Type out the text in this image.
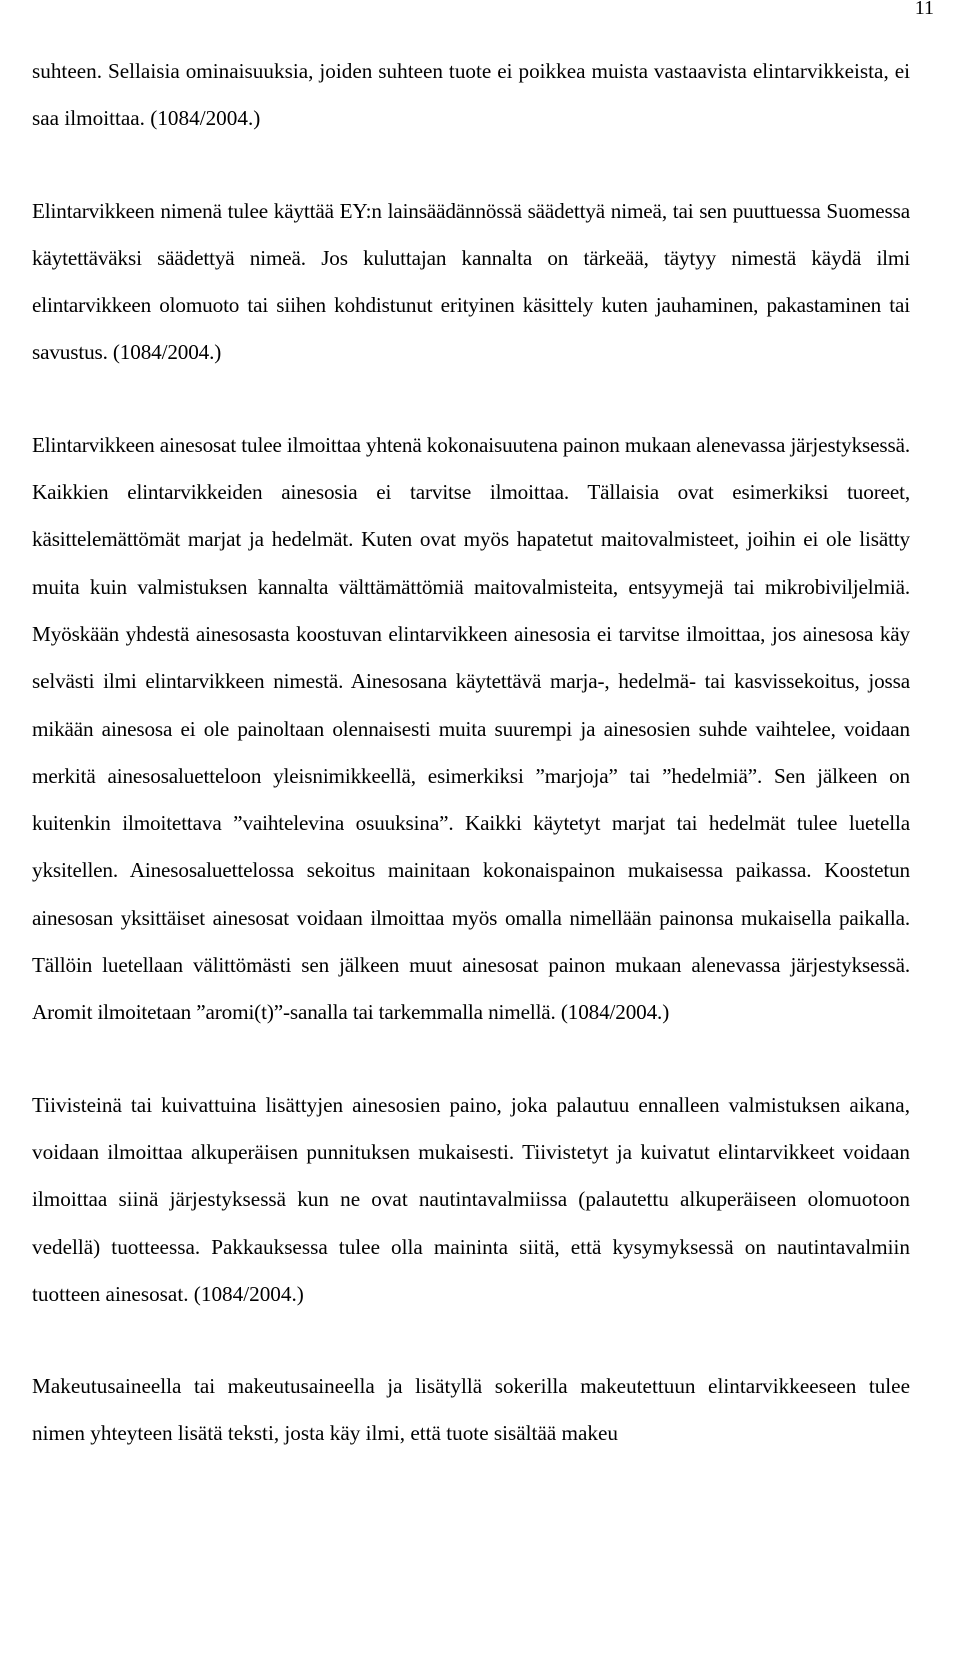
11

suhteen. Sellaisia ominaisuuksia, joiden suhteen tuote ei poikkea muista vastaavista elintarvikkeista, ei saa ilmoittaa. (1084/2004.)

Elintarvikkeen nimenä tulee käyttää EY:n lainsäädännössä säädettyä nimeä, tai sen puuttuessa Suomessa käytettäväksi säädettyä nimeä. Jos kuluttajan kannalta on tärkeää, täytyy nimestä käydä ilmi elintarvikkeen olomuoto tai siihen kohdistunut erityinen käsittely kuten jauhaminen, pakastaminen tai savustus. (1084/2004.)

Elintarvikkeen ainesosat tulee ilmoittaa yhtenä kokonaisuutena painon mukaan alenevassa järjestyksessä. Kaikkien elintarvikkeiden ainesosia ei tarvitse ilmoittaa. Tällaisia ovat esimerkiksi tuoreet, käsittelemättömät marjat ja hedelmät. Kuten ovat myös hapatetut maitovalmisteet, joihin ei ole lisätty muita kuin valmistuksen kannalta välttämättömiä maitovalmisteita, entsyymejä tai mikrobiviljelmiä. Myöskään yhdestä ainesosasta koostuvan elintarvikkeen ainesosia ei tarvitse ilmoittaa, jos ainesosa käy selvästi ilmi elintarvikkeen nimestä. Ainesosana käytettävä marja-, hedelmä- tai kasvissekoitus, jossa mikään ainesosa ei ole painoltaan olennaisesti muita suurempi ja ainesosien suhde vaihtelee, voidaan merkitä ainesosaluetteloon yleisnimikkeellä, esimerkiksi ”marjoja” tai ”hedelmiä”. Sen jälkeen on kuitenkin ilmoitettava ”vaihtelevina osuuksina”. Kaikki käytetyt marjat tai hedelmät tulee luetella yksitellen. Ainesosaluettelossa sekoitus mainitaan kokonaispainon mukaisessa paikassa. Koostetun ainesosan yksittäiset ainesosat voidaan ilmoittaa myös omalla nimellään painonsa mukaisella paikalla. Tällöin luetellaan välittömästi sen jälkeen muut ainesosat painon mukaan alenevassa järjestyksessä. Aromit ilmoitetaan ”aromi(t)”-sanalla tai tarkemmalla nimellä. (1084/2004.)

Tiivisteinä tai kuivattuina lisättyjen ainesosien paino, joka palautuu ennalleen valmistuksen aikana, voidaan ilmoittaa alkuperäisen punnituksen mukaisesti. Tiivistetyt ja kuivatut elintarvikkeet voidaan ilmoittaa siinä järjestyksessä kun ne ovat nautintavalmiissa (palautettu alkuperäiseen olomuotoon vedellä) tuotteessa. Pakkauksessa tulee olla maininta siitä, että kysymyksessä on nautintavalmiin tuotteen ainesosat. (1084/2004.)

Makeutusaineella tai makeutusaineella ja lisätyllä sokerilla makeutettuun elintarvikkeeseen tulee nimen yhteyteen lisätä teksti, josta käy ilmi, että tuote sisältää makeu
